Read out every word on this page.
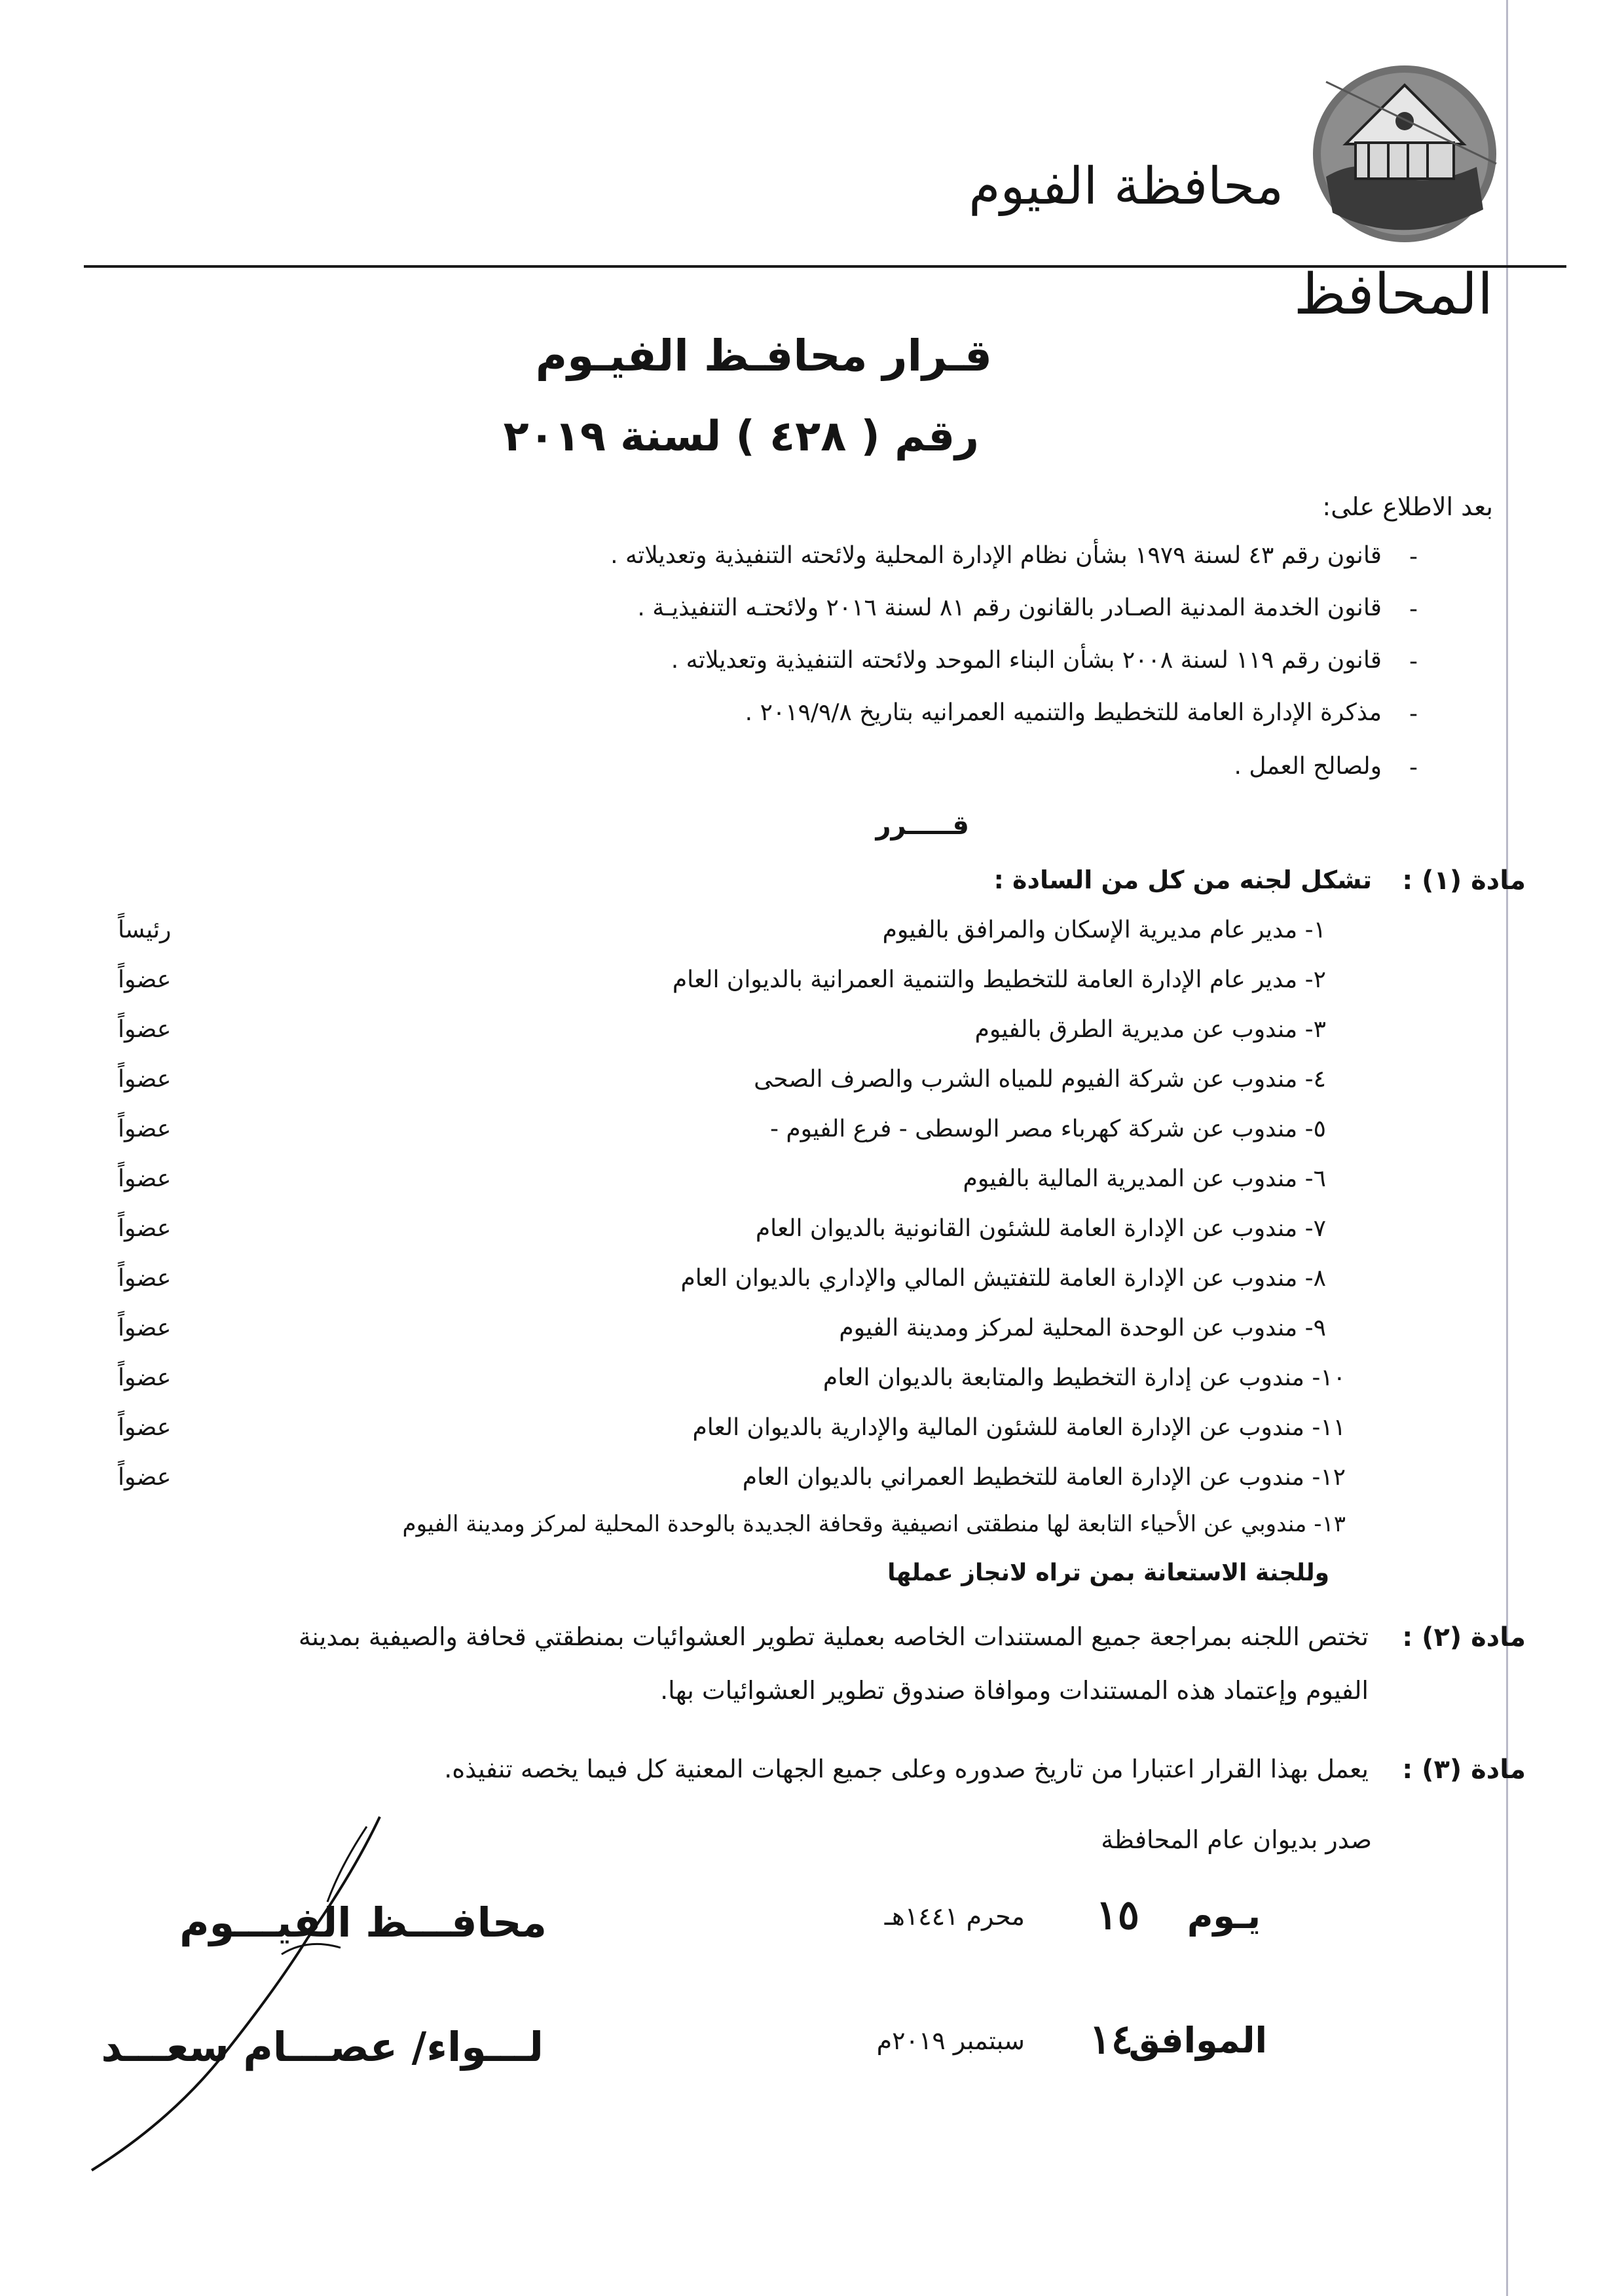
محافظة الفيوم
المحافظ
قـرار محافـظ الفيـوم
رقم ( ٤٢٨ ) لسنة ٢٠١٩
بعد الاطلاع على:
-
قانون رقم ٤٣ لسنة ١٩٧٩ بشأن نظام الإدارة المحلية ولائحته التنفيذية وتعديلاته .
-
قانون الخدمة المدنية الصـادر بالقانون رقم ٨١ لسنة ٢٠١٦ ولائحتـه التنفيذيـة .
-
قانون رقم ١١٩ لسنة ٢٠٠٨ بشأن البناء الموحد ولائحته التنفيذية وتعديلاته .
-
مذكرة الإدارة العامة للتخطيط والتنميه العمرانيه بتاريخ ٢٠١٩/٩/٨ .
-
ولصالح العمل .
قـــــرر
مادة (١) :
تشكل لجنه من كل من السادة :
١- مدير عام مديرية الإسكان والمرافق بالفيوم
رئيساً
٢- مدير عام الإدارة العامة للتخطيط والتنمية العمرانية بالديوان العام
عضواً
٣- مندوب عن مديرية الطرق بالفيوم
عضواً
٤- مندوب عن شركة الفيوم للمياه الشرب والصرف الصحى
عضواً
٥- مندوب عن شركة كهرباء مصر الوسطى - فرع الفيوم -
عضواً
٦- مندوب عن المديرية المالية بالفيوم
عضواً
٧- مندوب عن الإدارة العامة للشئون القانونية بالديوان العام
عضواً
٨- مندوب عن الإدارة العامة للتفتيش المالي والإداري بالديوان العام
عضواً
٩- مندوب عن الوحدة المحلية لمركز ومدينة الفيوم
عضواً
١٠- مندوب عن إدارة التخطيط والمتابعة بالديوان العام
عضواً
١١- مندوب عن الإدارة العامة للشئون المالية والإدارية بالديوان العام
عضواً
١٢- مندوب عن الإدارة العامة للتخطيط العمراني بالديوان العام
عضواً
١٣- مندوبي عن الأحياء التابعة لها منطقتى انصيفية وقحافة الجديدة بالوحدة المحلية لمركز ومدينة الفيوم
وللجنة الاستعانة بمن تراه لانجاز عملها
مادة (٢) :
تختص اللجنه بمراجعة جميع المستندات الخاصه بعملية تطوير العشوائيات بمنطقتي قحافة والصيفية بمدينة
الفيوم وإعتماد هذه المستندات وموافاة صندوق تطوير العشوائيات بها.
مادة (٣) :
يعمل بهذا القرار اعتبارا من تاريخ صدوره وعلى جميع الجهات المعنية كل فيما يخصه تنفيذه.
صدر بديوان عام المحافظة
يـوم
١٥
محرم ١٤٤١هـ
الموافق
١٤
سبتمبر ٢٠١٩م
محافـــظ الفيـــوم
لـــواء/ عصـــام سعـــد
